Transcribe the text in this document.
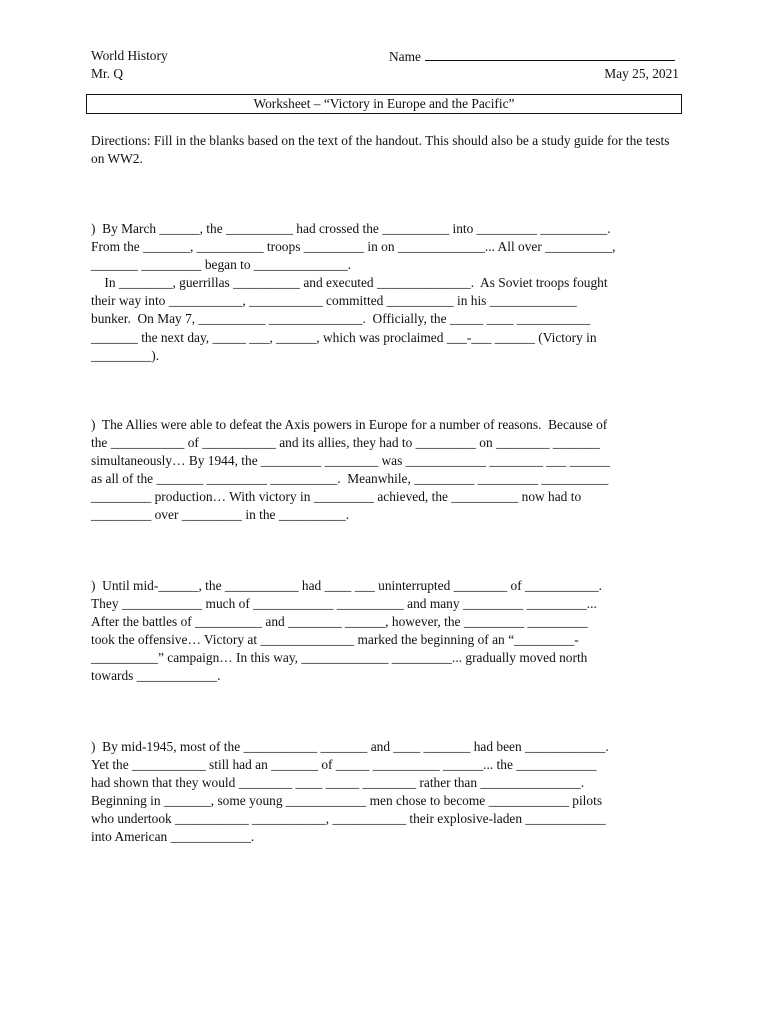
World History	Name
Mr. Q	May 25, 2021
Worksheet – “Victory in Europe and the Pacific”
Directions: Fill in the blanks based on the text of the handout. This should also be a study guide for the tests on WW2.
)  By March ______, the __________ had crossed the __________ into _________ __________.
From the _______, __________ troops _________ in on _____________... All over __________,
_______ _________ began to ______________.
In ________, guerrillas __________ and executed ______________.  As Soviet troops fought
their way into ___________, ___________ committed __________ in his _____________
bunker.  On May 7, __________ ______________.  Officially, the _____ ____ ___________
_______ the next day, _____ ___, ______, which was proclaimed ___-___ ______ (Victory in
_________).
)  The Allies were able to defeat the Axis powers in Europe for a number of reasons.  Because of
the ___________ of ___________ and its allies, they had to _________ on ________ _______
simultaneously… By 1944, the _________ ________ was ____________ ________ ___ ______
as all of the _______ _________ __________.  Meanwhile, _________ _________ __________
_________ production… With victory in _________ achieved, the __________ now had to
_________ over _________ in the __________.
)  Until mid-______, the ___________ had ____ ___ uninterrupted ________ of ___________.
They ____________ much of ____________ __________ and many _________ _________...
After the battles of __________ and ________ ______, however, the _________ _________
took the offensive… Victory at ______________ marked the beginning of an “_________-
__________” campaign… In this way, _____________ _________... gradually moved north
towards ____________.
)  By mid-1945, most of the ___________ _______ and ____ _______ had been ____________.
Yet the ___________ still had an _______ of _____ __________ ______... the ____________
had shown that they would ________ ____ _____ ________ rather than _______________.
Beginning in _______, some young ____________ men chose to become ____________ pilots
who undertook ___________ ___________, ___________ their explosive-laden ____________
into American ____________.
